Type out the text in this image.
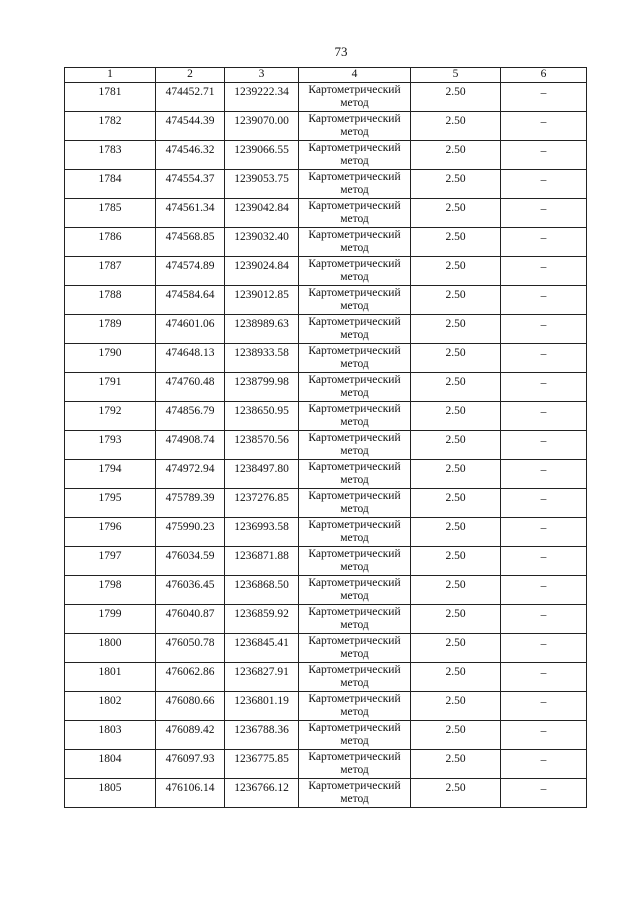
73
1	2	3	4	5	6
1781	474452.71	1239222.34	Картометрический метод	2.50	–
1782	474544.39	1239070.00	Картометрический метод	2.50	–
1783	474546.32	1239066.55	Картометрический метод	2.50	–
1784	474554.37	1239053.75	Картометрический метод	2.50	–
1785	474561.34	1239042.84	Картометрический метод	2.50	–
1786	474568.85	1239032.40	Картометрический метод	2.50	–
1787	474574.89	1239024.84	Картометрический метод	2.50	–
1788	474584.64	1239012.85	Картометрический метод	2.50	–
1789	474601.06	1238989.63	Картометрический метод	2.50	–
1790	474648.13	1238933.58	Картометрический метод	2.50	–
1791	474760.48	1238799.98	Картометрический метод	2.50	–
1792	474856.79	1238650.95	Картометрический метод	2.50	–
1793	474908.74	1238570.56	Картометрический метод	2.50	–
1794	474972.94	1238497.80	Картометрический метод	2.50	–
1795	475789.39	1237276.85	Картометрический метод	2.50	–
1796	475990.23	1236993.58	Картометрический метод	2.50	–
1797	476034.59	1236871.88	Картометрический метод	2.50	–
1798	476036.45	1236868.50	Картометрический метод	2.50	–
1799	476040.87	1236859.92	Картометрический метод	2.50	–
1800	476050.78	1236845.41	Картометрический метод	2.50	–
1801	476062.86	1236827.91	Картометрический метод	2.50	–
1802	476080.66	1236801.19	Картометрический метод	2.50	–
1803	476089.42	1236788.36	Картометрический метод	2.50	–
1804	476097.93	1236775.85	Картометрический метод	2.50	–
1805	476106.14	1236766.12	Картометрический метод	2.50	–
